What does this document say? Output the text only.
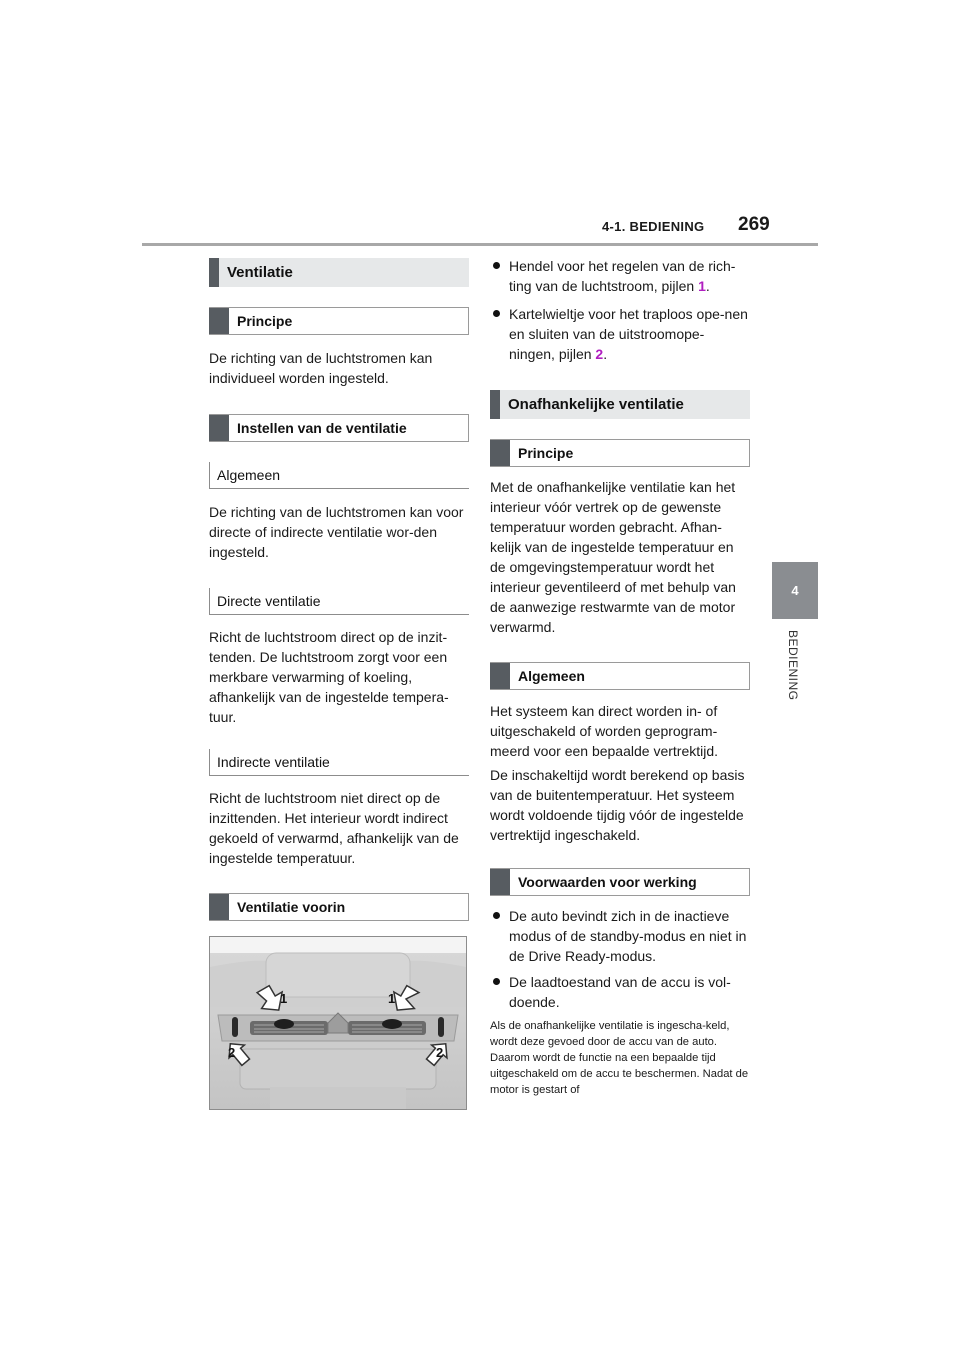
4-1. BEDIENING 269
4
BEDIENING
Ventilatie
Principe

De richting van de luchtstromen kan individueel worden ingesteld.

Instellen van de ventilatie
Algemeen

De richting van de luchtstromen kan voor directe of indirecte ventilatie wor-den ingesteld.

Directe ventilatie

Richt de luchtstroom direct op de inzit-tenden. De luchtstroom zorgt voor een merkbare verwarming of koeling, afhankelijk van de ingestelde tempera-tuur.

Indirecte ventilatie

Richt de luchtstroom niet direct op de inzittenden. Het interieur wordt indirect gekoeld of verwarmd, afhankelijk van de ingestelde temperatuur.

Ventilatie voorin
1	1
2	2
Hendel voor het regelen van de rich-ting van de luchtstroom, pijlen 1.
Kartelwieltje voor het traploos ope-nen en sluiten van de uitstroomope-ningen, pijlen 2.
Onafhankelijke ventilatie
Principe

Met de onafhankelijke ventilatie kan het interieur vóór vertrek op de gewenste temperatuur worden gebracht. Afhan-kelijk van de ingestelde temperatuur en de omgevingstemperatuur wordt het interieur geventileerd of met behulp van de aanwezige restwarmte van de motor verwarmd.

Algemeen

Het systeem kan direct worden in- of uitgeschakeld of worden geprogram-meerd voor een bepaalde vertrektijd.

De inschakeltijd wordt berekend op basis van de buitentemperatuur. Het systeem wordt voldoende tijdig vóór de ingestelde vertrektijd ingeschakeld.

Voorwaarden voor werking
De auto bevindt zich in de inactieve modus of de standby-modus en niet in de Drive Ready-modus.
De laadtoestand van de accu is vol-doende.

Als de onafhankelijke ventilatie is ingescha-keld, wordt deze gevoed door de accu van de auto. Daarom wordt de functie na een bepaalde tijd uitgeschakeld om de accu te beschermen. Nadat de motor is gestart of
